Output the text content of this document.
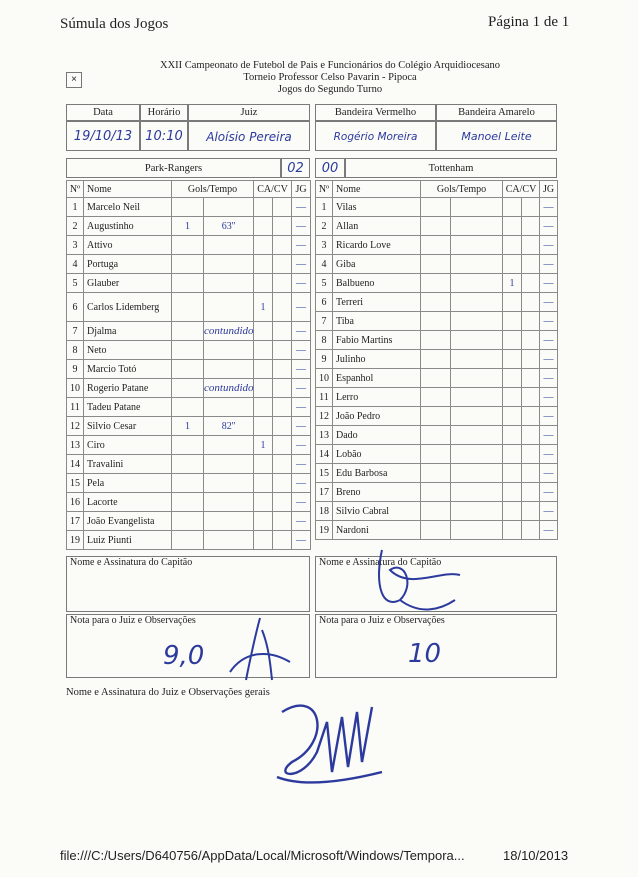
Súmula dos Jogos	Página 1 de 1
XXII Campeonato de Futebol de Pais e Funcionários do Colégio Arquidiocesano
Torneio Professor Celso Pavarin - Pipoca
Jogos do Segundo Turno
×
Data	Horário	Juiz	Bandeira Vermelho	Bandeira Amarelo
19/10/13	10:10	Aloísio Pereira	Rogério Moreira	Manoel Leite
Park-Rangers	02	00	Tottenham
Nº	Nome	Gols/Tempo		CA/CV		JG
1	Marcelo Neil					—
2	Augustinho	1	63''			—
3	Attivo					—
4	Portuga					—
5	Glauber					—
6	Carlos Lidemberg			1		—
7	Djalma		contundido			—
8	Neto					—
9	Marcio Totó					—
10	Rogerio Patane		contundido			—
11	Tadeu Patane					—
12	Silvio Cesar	1	82''			—
13	Ciro			1		—
14	Travalini					—
15	Pela					—
16	Lacorte					—
17	João Evangelista					—
19	Luiz Piunti					—
Nº	Nome	Gols/Tempo		CA/CV		JG
1	Vilas					—
2	Allan					—
3	Ricardo Love					—
4	Giba					—
5	Balbueno			1		—
6	Terreri					—
7	Tiba					—
8	Fabio Martins					—
9	Julinho					—
10	Espanhol					—
11	Lerro					—
12	João Pedro					—
13	Dado					—
14	Lobão					—
15	Edu Barbosa					—
17	Breno					—
18	Silvio Cabral					—
19	Nardoni					—
Nome e Assinatura do Capitão	Nome e Assinatura do Capitão
Nota para o Juiz e Observações
9,0
Nota para o Juiz e Observações
10
Nome e Assinatura do Juiz e Observações gerais
file:///C:/Users/D640756/AppData/Local/Microsoft/Windows/Tempora...	18/10/2013
